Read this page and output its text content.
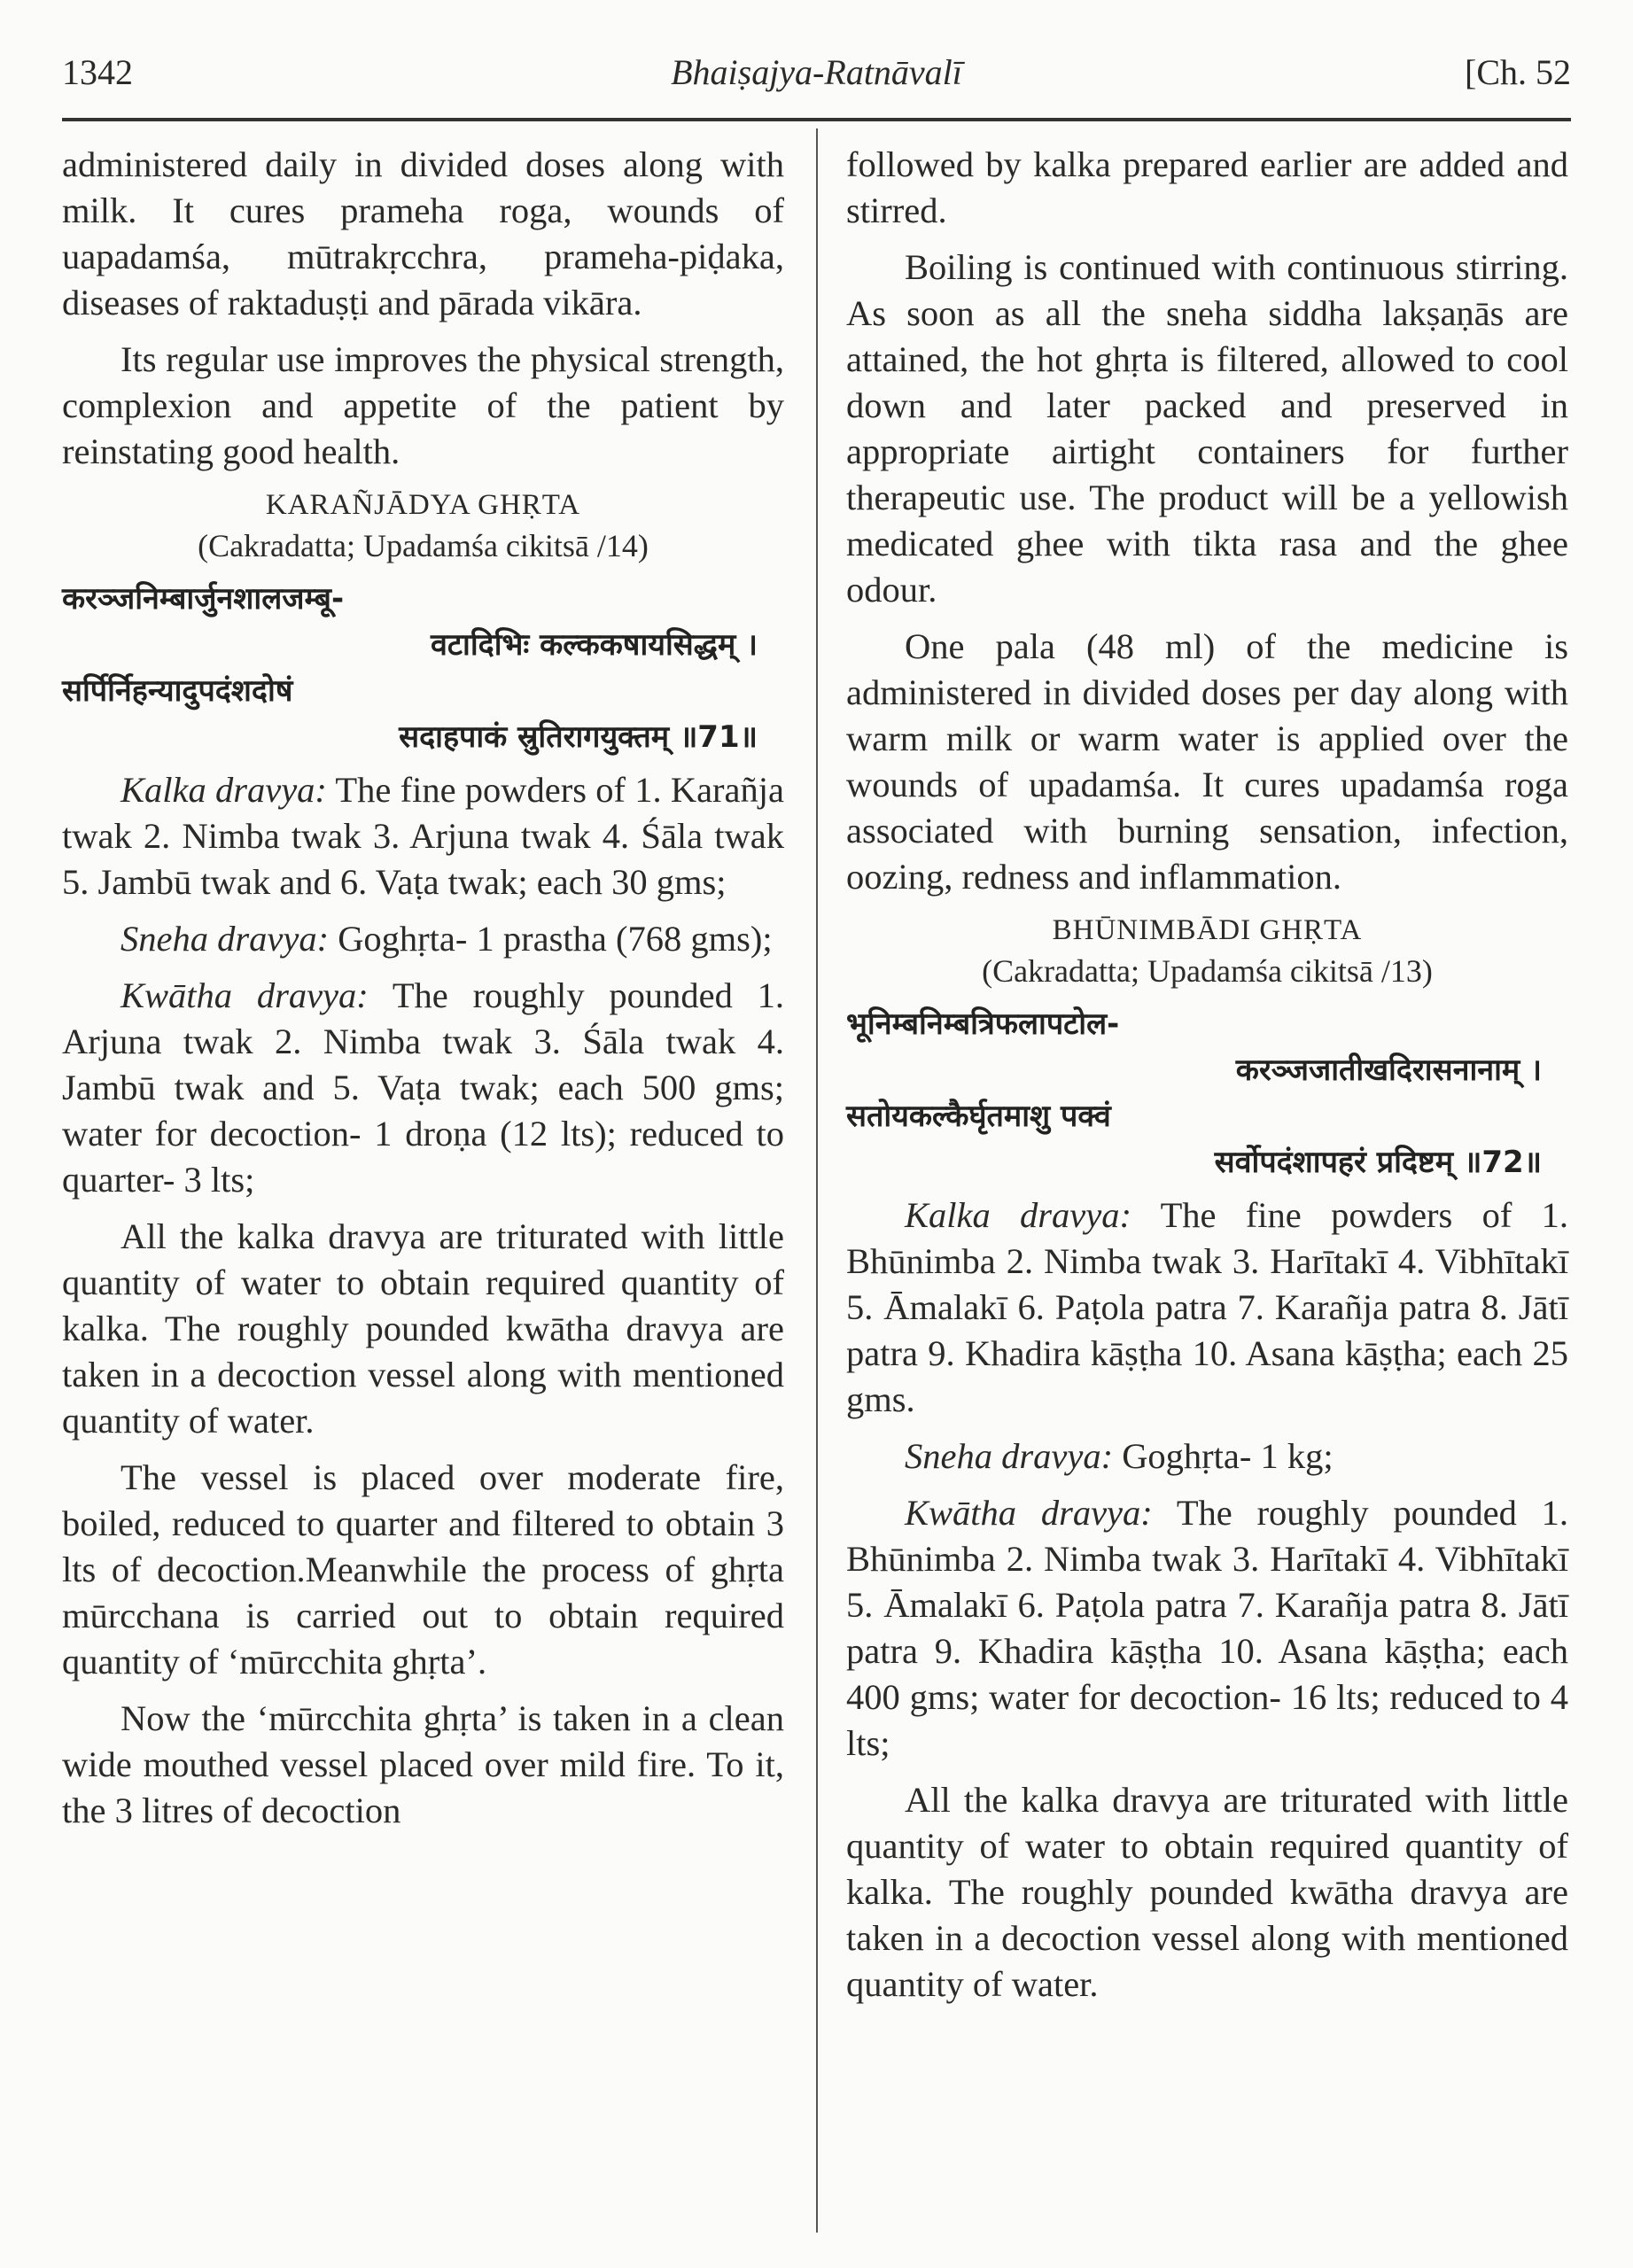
1342	Bhaiṣajya-Ratnāvalī	[Ch. 52

administered daily in divided doses along with milk. It cures prameha roga, wounds of uapadamśa, mūtrakṛcchra, prameha-piḍaka, diseases of raktaduṣṭi and pārada vikāra.

Its regular use improves the physical strength, complexion and appetite of the patient by reinstating good health.

KARAÑJĀDYA GHṚTA
(Cakradatta; Upadamśa cikitsā /14)
करञ्जनिम्बार्जुनशालजम्बू-
वटादिभिः कल्ककषायसिद्धम् ।
सर्पिर्निहन्यादुपदंशदोषं
सदाहपाकं स्रुतिरागयुक्तम् ॥71॥

Kalka dravya: The fine powders of 1. Karañja twak 2. Nimba twak 3. Arjuna twak 4. Śāla twak 5. Jambū twak and 6. Vaṭa twak; each 30 gms;

Sneha dravya: Goghṛta- 1 prastha (768 gms);

Kwātha dravya: The roughly pounded 1. Arjuna twak 2. Nimba twak 3. Śāla twak 4. Jambū twak and 5. Vaṭa twak; each 500 gms; water for decoction- 1 droṇa (12 lts); reduced to quarter- 3 lts;

All the kalka dravya are triturated with little quantity of water to obtain required quantity of kalka. The roughly pounded kwātha dravya are taken in a decoction vessel along with mentioned quantity of water.

The vessel is placed over moderate fire, boiled, reduced to quarter and filtered to obtain 3 lts of decoction.Meanwhile the process of ghṛta mūrcchana is carried out to obtain required quantity of ‘mūrcchita ghṛta’.

Now the ‘mūrcchita ghṛta’ is taken in a clean wide mouthed vessel placed over mild fire. To it, the 3 litres of decoction

followed by kalka prepared earlier are added and stirred.

Boiling is continued with continuous stirring. As soon as all the sneha siddha lakṣaṇās are attained, the hot ghṛta is filtered, allowed to cool down and later packed and preserved in appropriate airtight containers for further therapeutic use. The product will be a yellowish medicated ghee with tikta rasa and the ghee odour.

One pala (48 ml) of the medicine is administered in divided doses per day along with warm milk or warm water is applied over the wounds of upadamśa. It cures upadamśa roga associated with burning sensation, infection, oozing, redness and inflammation.

BHŪNIMBĀDI GHṚTA
(Cakradatta; Upadamśa cikitsā /13)
भूनिम्बनिम्बत्रिफलापटोल-
करञ्जजातीखदिरासनानाम् ।
सतोयकल्कैर्घृतमाशु पक्वं
सर्वोपदंशापहरं प्रदिष्टम् ॥72॥

Kalka dravya: The fine powders of 1. Bhūnimba 2. Nimba twak 3. Harītakī 4. Vibhītakī 5. Āmalakī 6. Paṭola patra 7. Karañja patra 8. Jātī patra 9. Khadira kāṣṭha 10. Asana kāṣṭha; each 25 gms.

Sneha dravya: Goghṛta- 1 kg;

Kwātha dravya: The roughly pounded 1. Bhūnimba 2. Nimba twak 3. Harītakī 4. Vibhītakī 5. Āmalakī 6. Paṭola patra 7. Karañja patra 8. Jātī patra 9. Khadira kāṣṭha 10. Asana kāṣṭha; each 400 gms; water for decoction- 16 lts; reduced to 4 lts;

All the kalka dravya are triturated with little quantity of water to obtain required quantity of kalka. The roughly pounded kwātha dravya are taken in a decoction vessel along with mentioned quantity of water.
